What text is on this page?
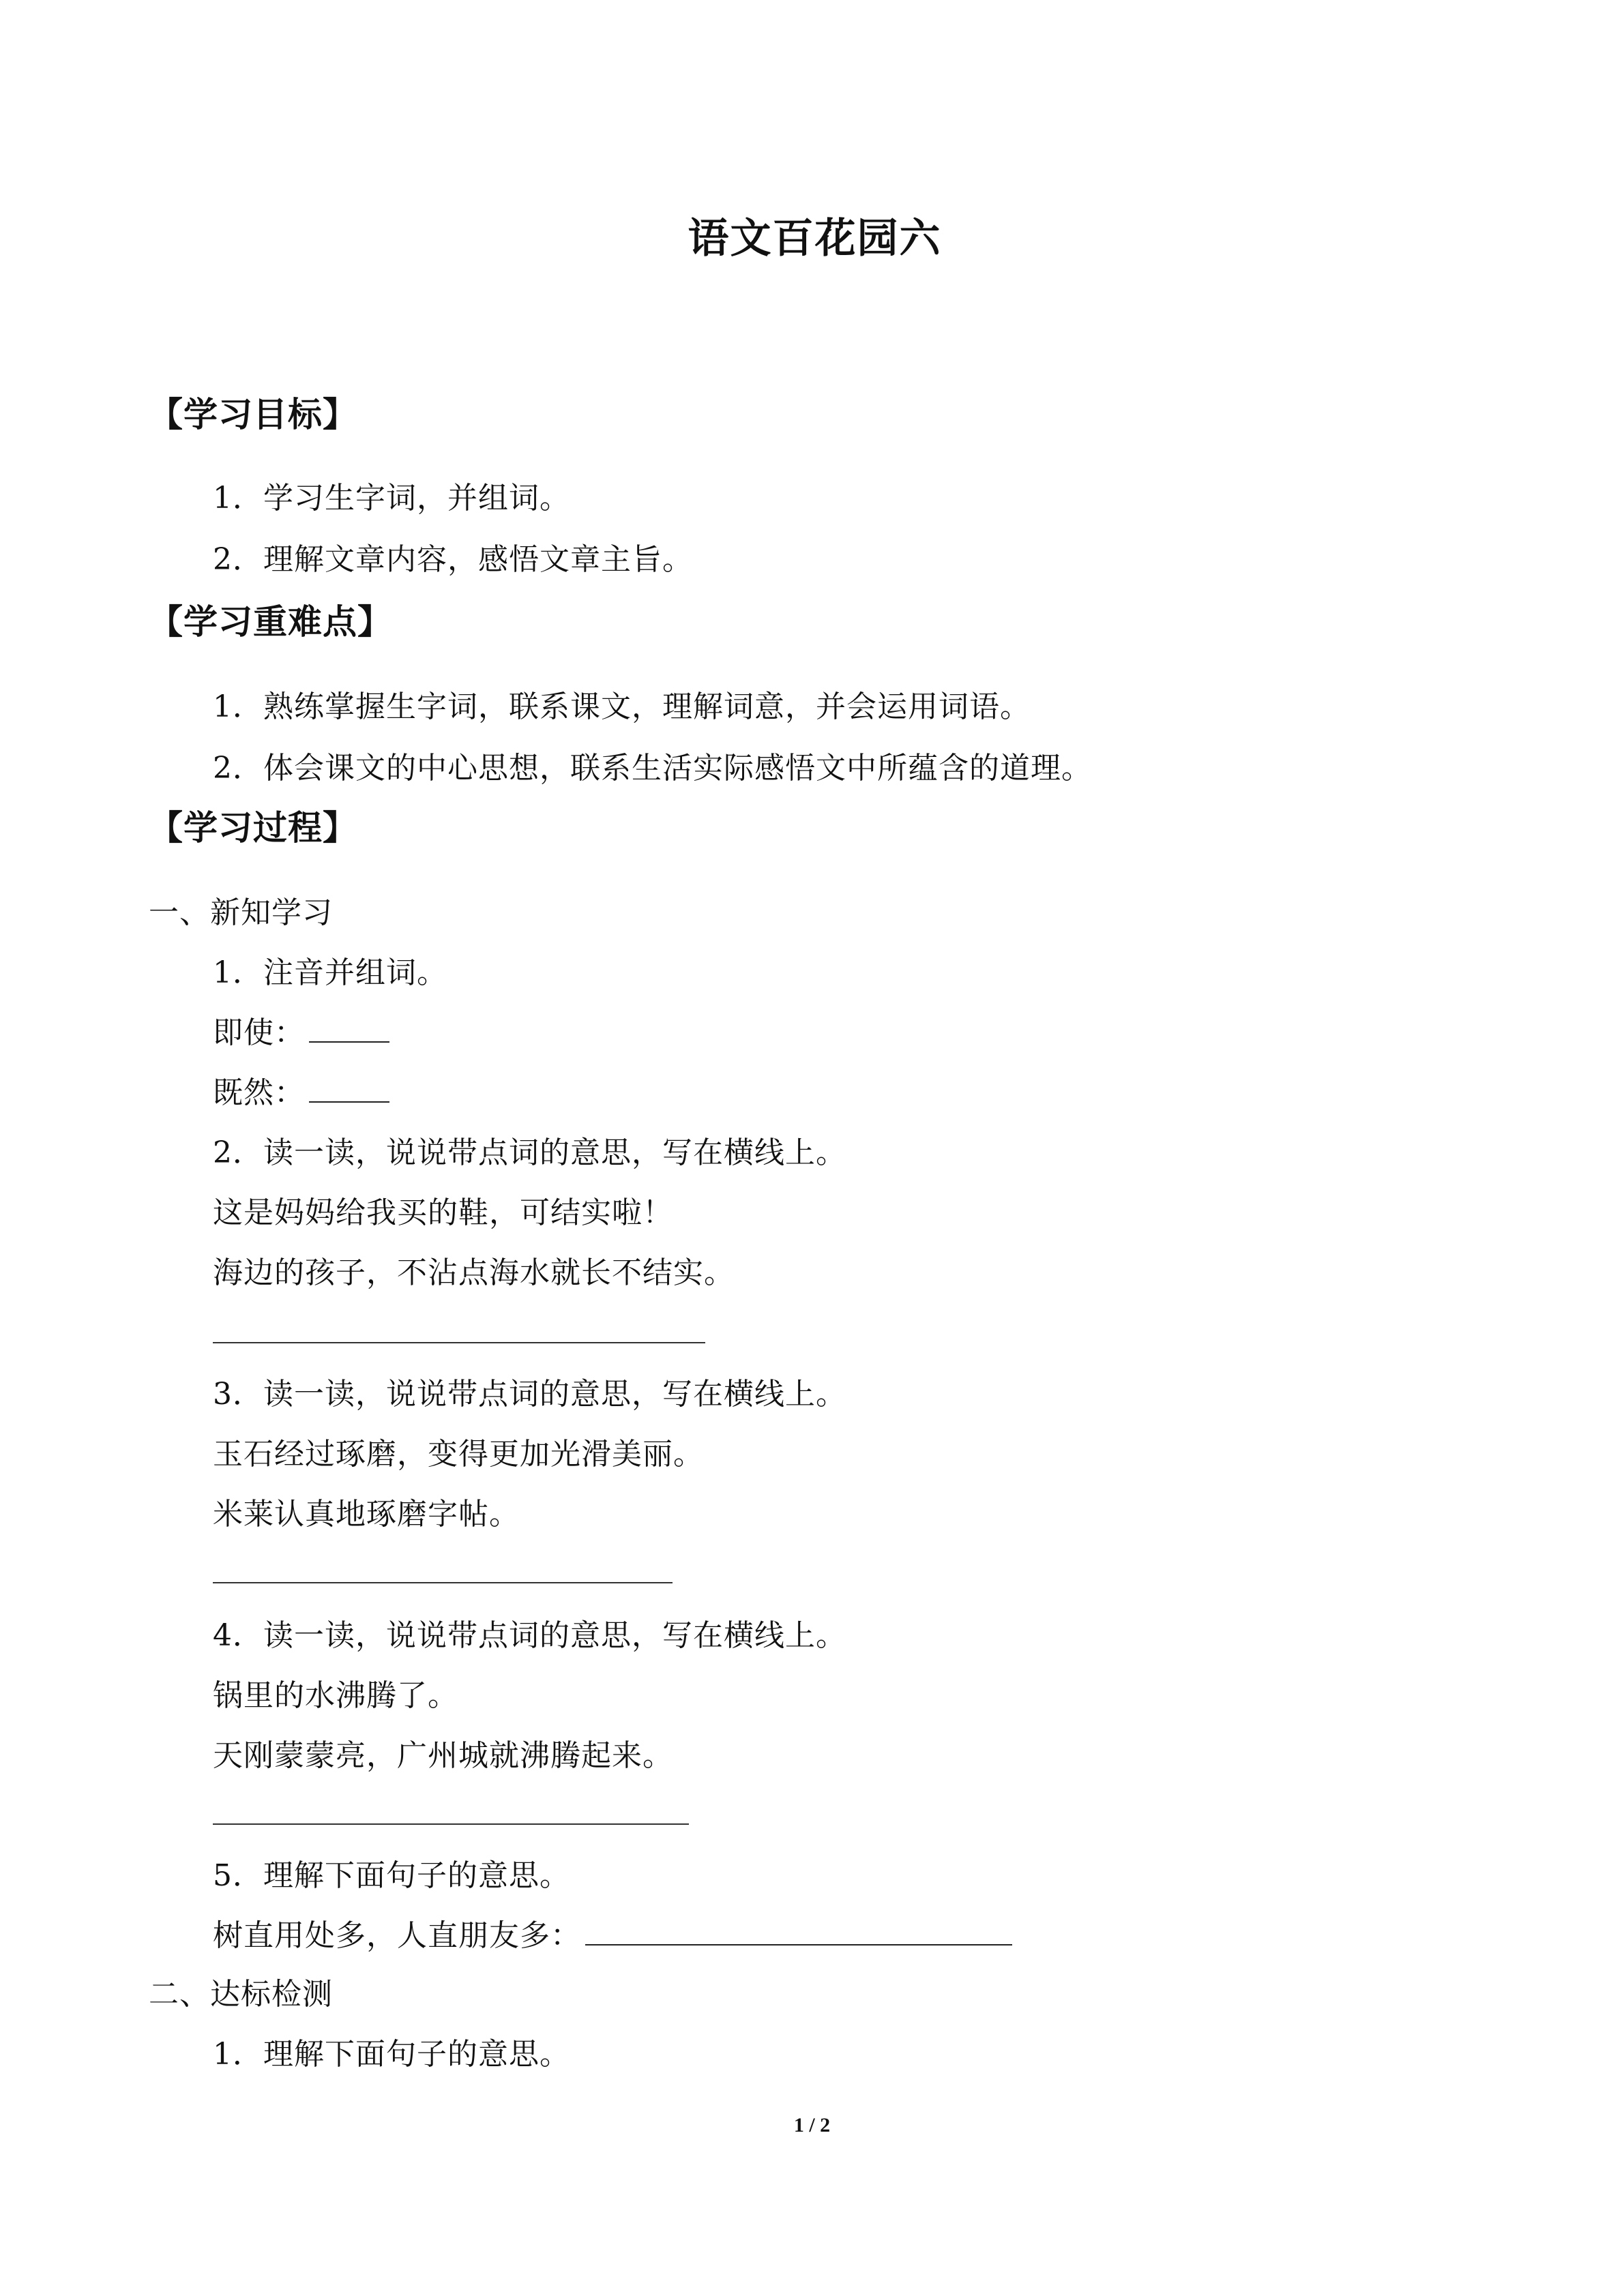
语文百花园六
【学习目标】
1．学习生字词，并组词。
2．理解文章内容，感悟文章主旨。
【学习重难点】
1．熟练掌握生字词，联系课文，理解词意，并会运用词语。
2．体会课文的中心思想，联系生活实际感悟文中所蕴含的道理。
【学习过程】
一、新知学习
1．注音并组词。
即使：
既然：
2．读一读，说说带点词的意思，写在横线上。
这是妈妈给我买的鞋，可结实啦！
海边的孩子，不沾点海水就长不结实。
3．读一读，说说带点词的意思，写在横线上。
玉石经过琢磨，变得更加光滑美丽。
米莱认真地琢磨字帖。
4．读一读，说说带点词的意思，写在横线上。
锅里的水沸腾了。
天刚蒙蒙亮，广州城就沸腾起来。
5．理解下面句子的意思。
树直用处多，人直朋友多：
二、达标检测
1．理解下面句子的意思。
1 / 2
